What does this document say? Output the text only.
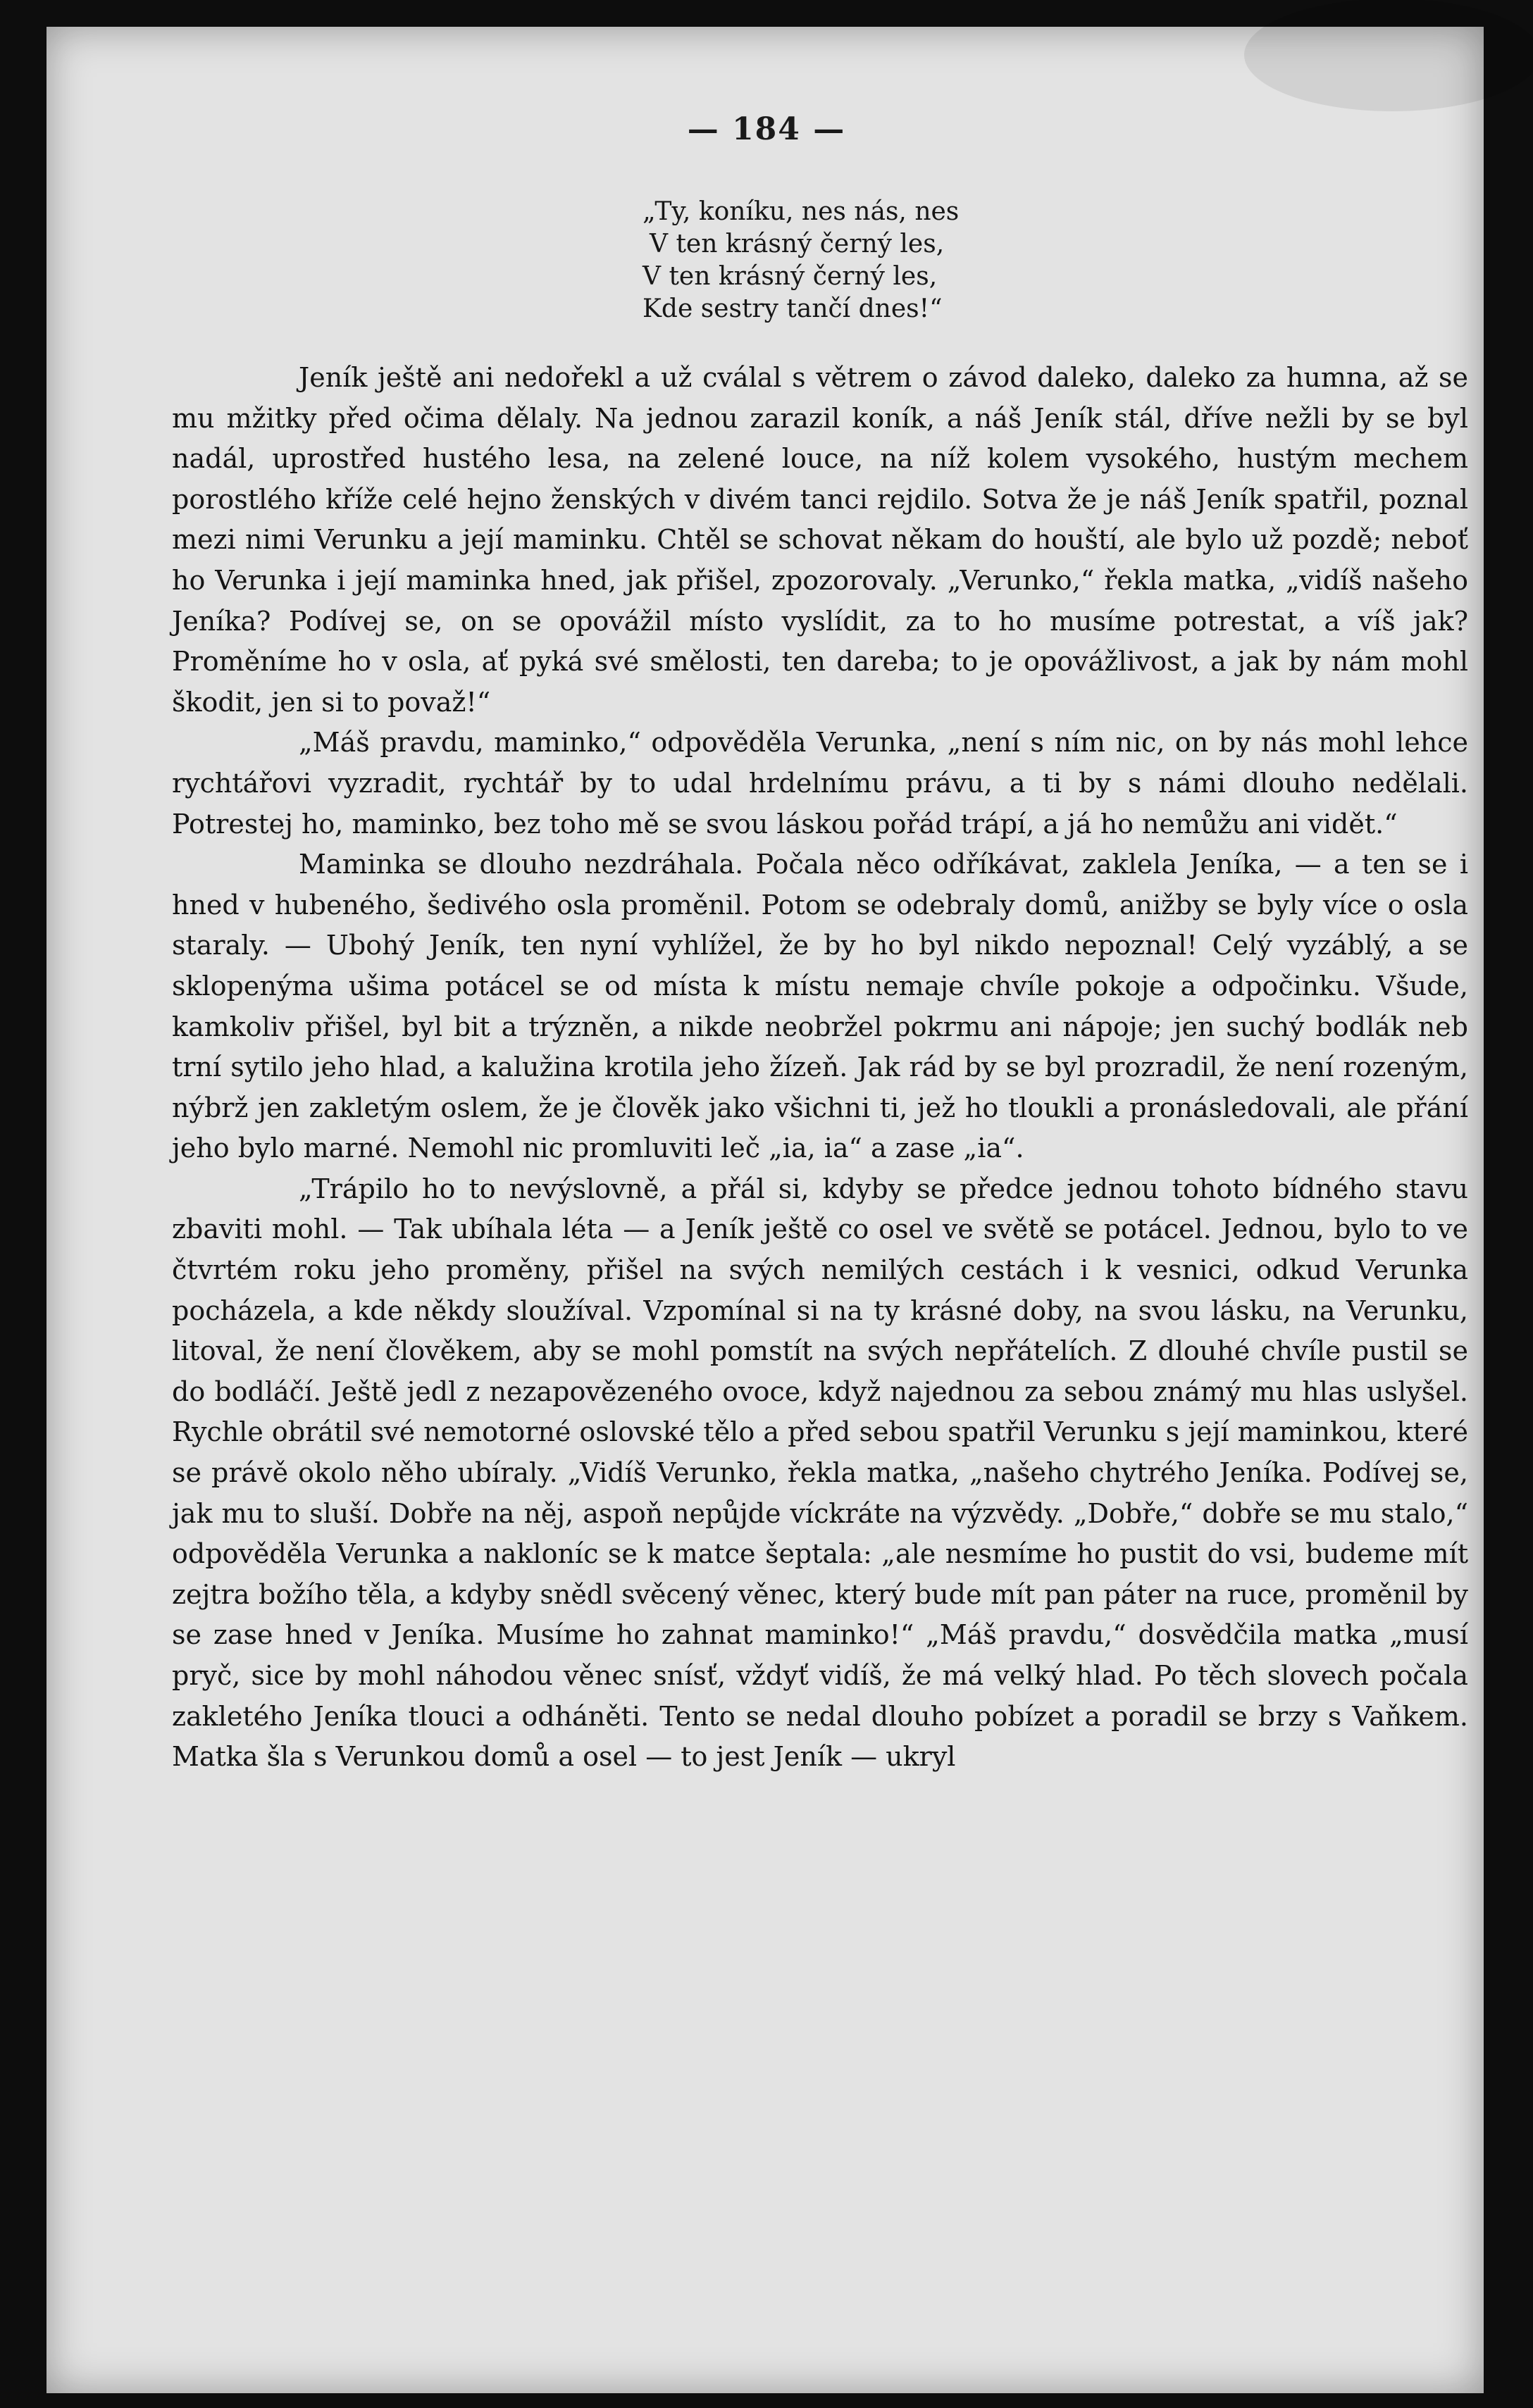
— 184 —
„Ty, koníku, nes nás, nes
V ten krásný černý les,
V ten krásný černý les,
Kde sestry tančí dnes!“

Jeník ještě ani nedořekl a už cválal s větrem o závod daleko, daleko za humna, až se mu mžitky před očima dělaly. Na jednou zarazil koník, a náš Jeník stál, dříve nežli by se byl nadál, uprostřed hustého lesa, na zelené louce, na níž kolem vysokého, hustým mechem porostlého kříže celé hejno ženských v divém tanci rejdilo. Sotva že je náš Jeník spatřil, poznal mezi nimi Verunku a její maminku. Chtěl se schovat někam do houští, ale bylo už pozdě; neboť ho Verunka i její maminka hned, jak přišel, zpozorovaly. „Verunko,“ řekla matka, „vidíš našeho Jeníka? Podívej se, on se opovážil místo vyslídit, za to ho musíme potrestat, a víš jak? Proměníme ho v osla, ať pyká své smělosti, ten dareba; to je opovážlivost, a jak by nám mohl škodit, jen si to považ!“

„Máš pravdu, maminko,“ odpověděla Verunka, „není s ním nic, on by nás mohl lehce rychtářovi vyzradit, rychtář by to udal hrdelnímu právu, a ti by s námi dlouho nedělali. Potrestej ho, maminko, bez toho mě se svou láskou pořád trápí, a já ho nemůžu ani vidět.“

Maminka se dlouho nezdráhala. Počala něco odříkávat, zaklela Jeníka, — a ten se i hned v hubeného, šedivého osla proměnil. Potom se odebraly domů, anižby se byly více o osla staraly. — Ubohý Jeník, ten nyní vyhlížel, že by ho byl nikdo nepoznal! Celý vyzáblý, a se sklopenýma ušima potácel se od místa k místu nemaje chvíle pokoje a odpočinku. Všude, kamkoliv přišel, byl bit a trýzněn, a nikde neobržel pokrmu ani nápoje; jen suchý bodlák neb trní sytilo jeho hlad, a kalužina krotila jeho žízeň. Jak rád by se byl prozradil, že není rozeným, nýbrž jen zakletým oslem, že je člověk jako všichni ti, jež ho tloukli a pronásledovali, ale přání jeho bylo marné. Nemohl nic promluviti leč „ia, ia“ a zase „ia“.

„Trápilo ho to nevýslovně, a přál si, kdyby se předce jednou tohoto bídného stavu zbaviti mohl. — Tak ubíhala léta — a Jeník ještě co osel ve světě se potácel. Jednou, bylo to ve čtvrtém roku jeho proměny, přišel na svých nemilých cestách i k vesnici, odkud Verunka pocházela, a kde někdy sloužíval. Vzpomínal si na ty krásné doby, na svou lásku, na Verunku, litoval, že není člověkem, aby se mohl pomstít na svých nepřátelích. Z dlouhé chvíle pustil se do bodláčí. Ještě jedl z nezapovězeného ovoce, když najednou za sebou známý mu hlas uslyšel. Rychle obrátil své nemotorné oslovské tělo a před sebou spatřil Verunku s její maminkou, které se právě okolo něho ubíraly. „Vidíš Verunko, řekla matka, „našeho chytrého Jeníka. Podívej se, jak mu to sluší. Dobře na něj, aspoň nepůjde víckráte na výzvědy. „Dobře,“ dobře se mu stalo,“ odpověděla Verunka a nakloníc se k matce šeptala: „ale nesmíme ho pustit do vsi, budeme mít zejtra božího těla, a kdyby snědl svěcený věnec, který bude mít pan páter na ruce, proměnil by se zase hned v Jeníka. Musíme ho zahnat maminko!“ „Máš pravdu,“ dosvědčila matka „musí pryč, sice by mohl náhodou věnec snísť, vždyť vidíš, že má velký hlad. Po těch slovech počala zakletého Jeníka tlouci a odháněti. Tento se nedal dlouho pobízet a poradil se brzy s Vaňkem. Matka šla s Verunkou domů a osel — to jest Jeník — ukryl
